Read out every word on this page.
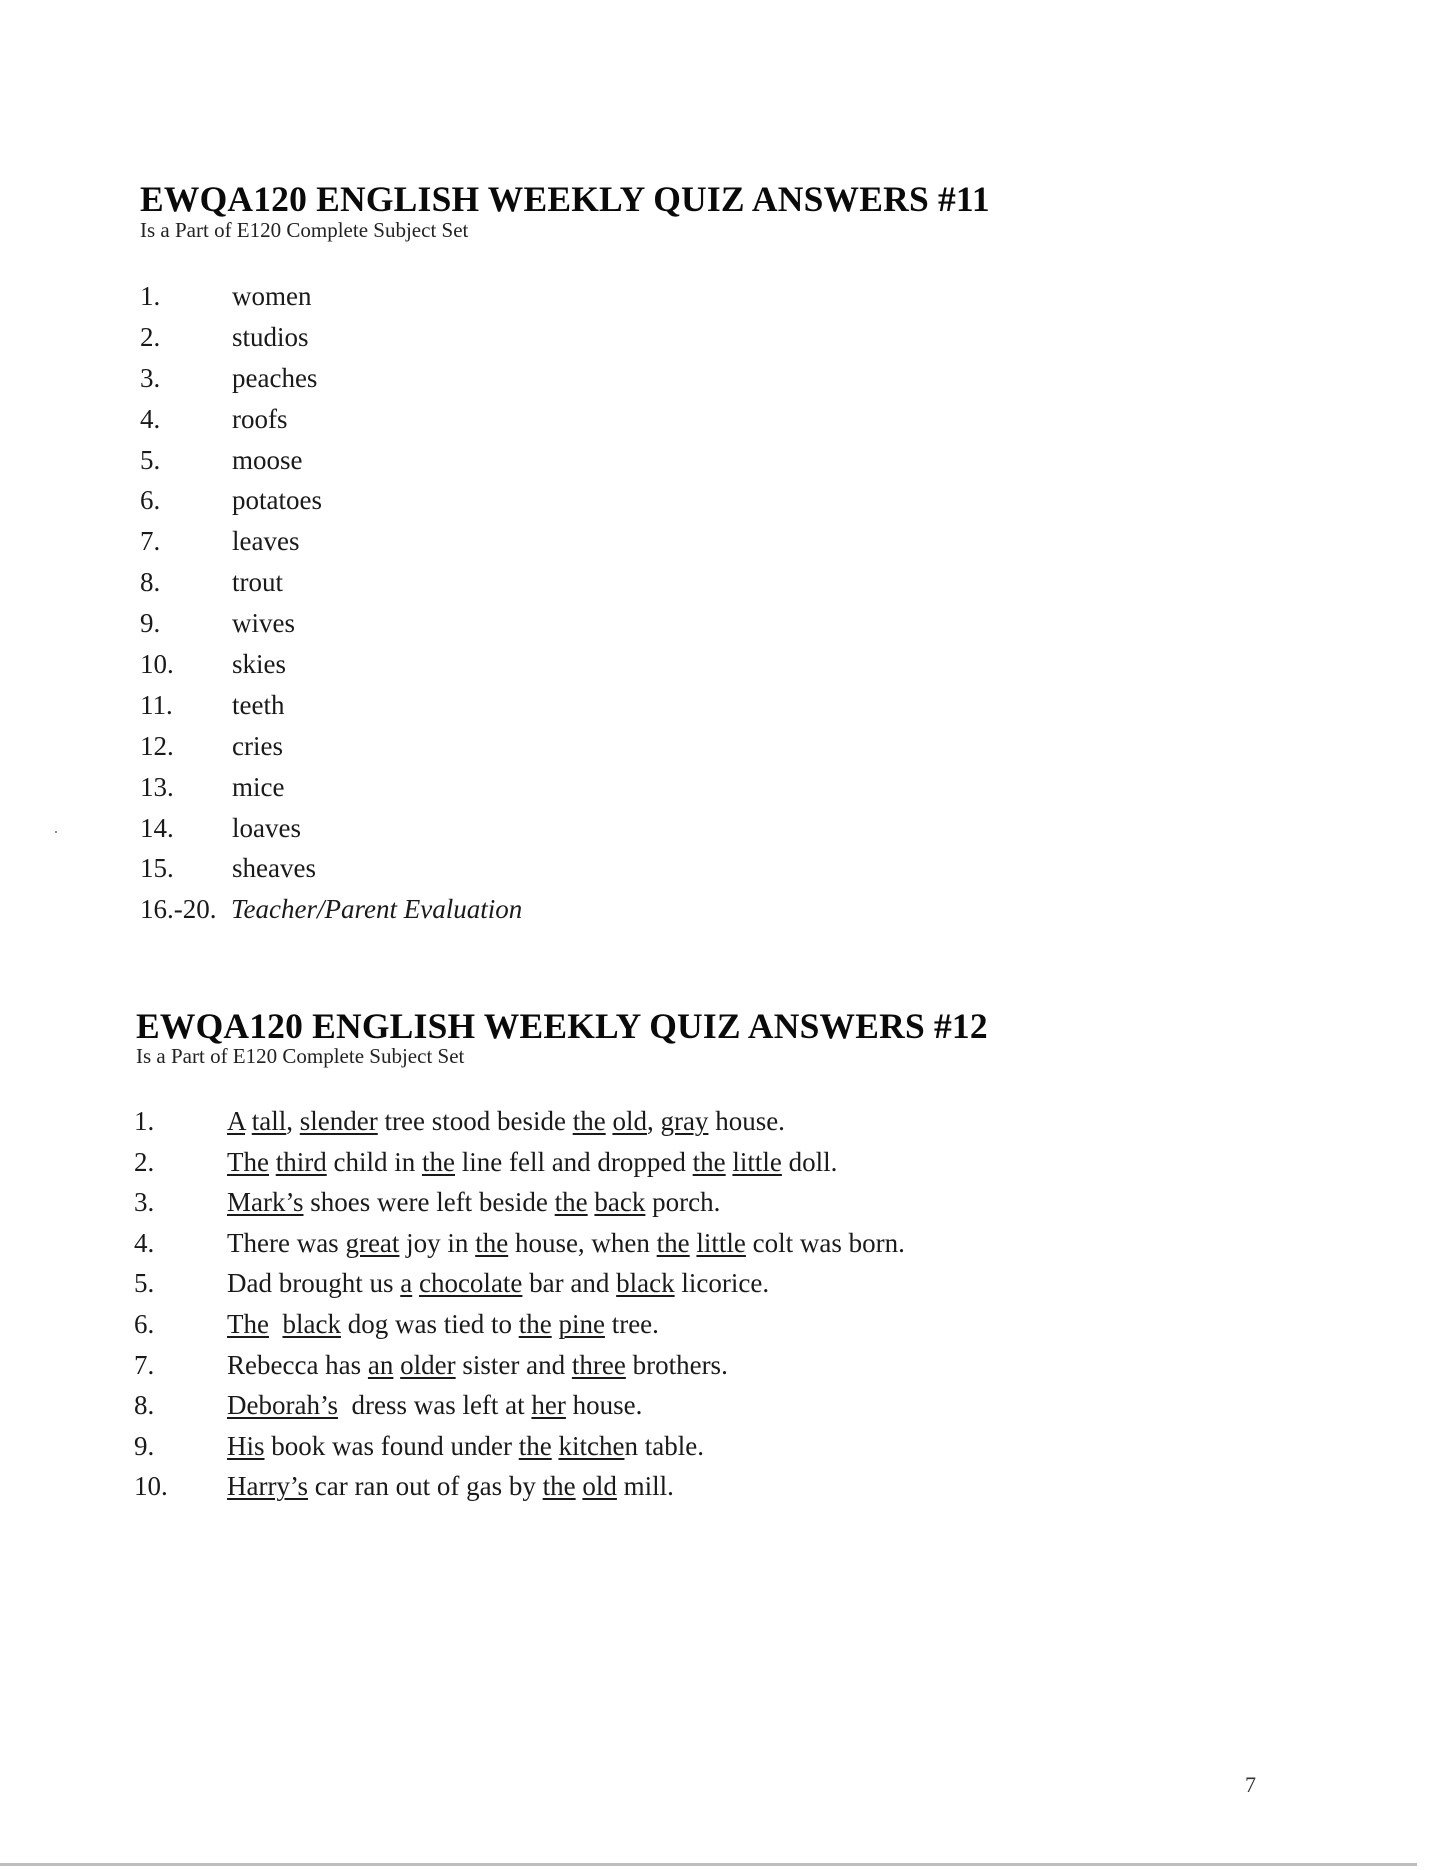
EWQA120 ENGLISH WEEKLY QUIZ ANSWERS #11
Is a Part of E120 Complete Subject Set
1.	women
2.	studios
3.	peaches
4.	roofs
5.	moose
6.	potatoes
7.	leaves
8.	trout
9.	wives
10. skies
11. teeth
12. cries
13. mice
14. loaves
15. sheaves
16.-20. Teacher/Parent Evaluation
EWQA120 ENGLISH WEEKLY QUIZ ANSWERS #12
Is a Part of E120 Complete Subject Set
1.	A tall, slender tree stood beside the old, gray house.
2.	The third child in the line fell and dropped the little doll.
3.	Mark’s shoes were left beside the back porch.
4.	There was great joy in the house, when the little colt was born.
5.	Dad brought us a chocolate bar and black licorice.
6.	The black dog was tied to the pine tree.
7.	Rebecca has an older sister and three brothers.
8.	Deborah’s  dress was left at her house.
9.	His book was found under the kitchen table.
10. Harry’s car ran out of gas by the old mill.
7
